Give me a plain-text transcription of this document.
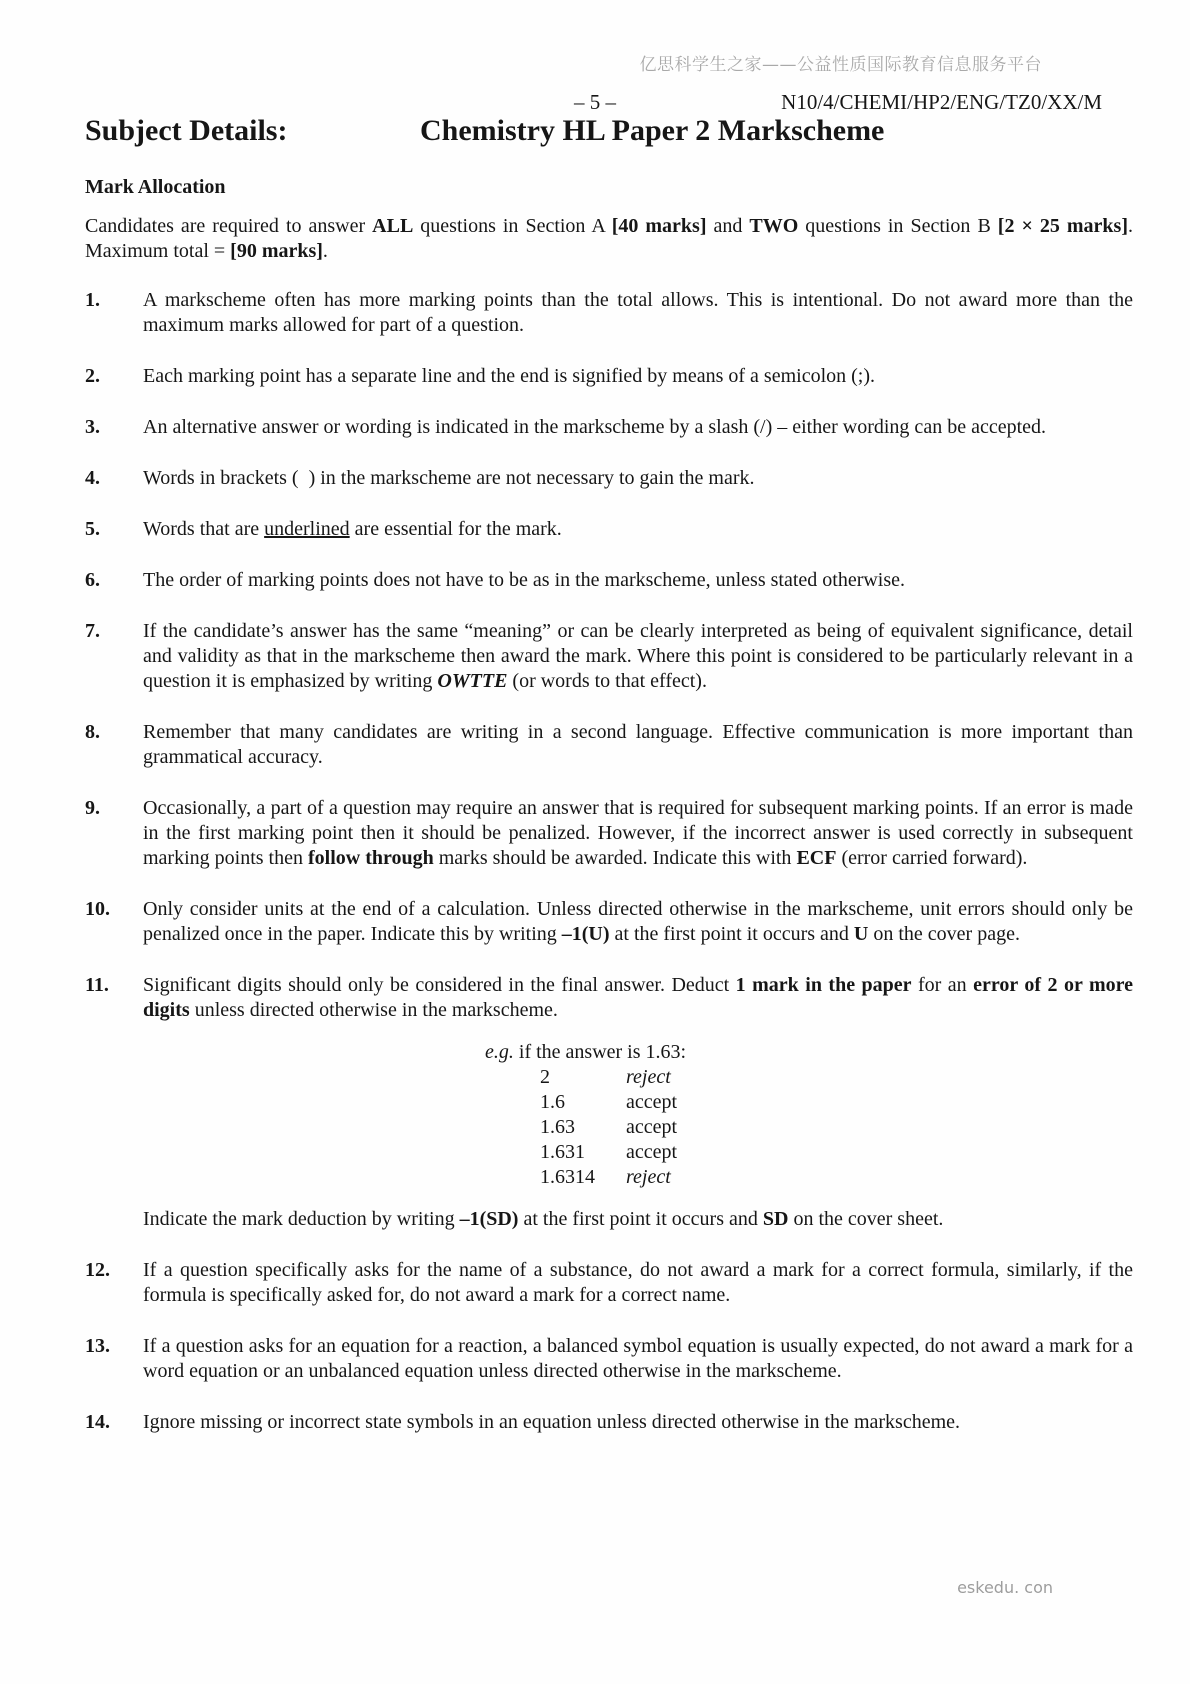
亿思科学生之家——公益性质国际教育信息服务平台
– 5 –	N10/4/CHEMI/HP2/ENG/TZ0/XX/M
Subject Details:	Chemistry HL Paper 2 Markscheme
Mark Allocation

Candidates are required to answer ALL questions in Section A [40 marks] and TWO questions in Section B [2 × 25 marks]. Maximum total = [90 marks].

1.	A markscheme often has more marking points than the total allows. This is intentional. Do not award more than the maximum marks allowed for part of a question.
2.	Each marking point has a separate line and the end is signified by means of a semicolon (;).
3.	An alternative answer or wording is indicated in the markscheme by a slash (/) – either wording can be accepted.
4.	Words in brackets (  ) in the markscheme are not necessary to gain the mark.
5.	Words that are underlined are essential for the mark.
6.	The order of marking points does not have to be as in the markscheme, unless stated otherwise.
7.	If the candidate’s answer has the same “meaning” or can be clearly interpreted as being of equivalent significance, detail and validity as that in the markscheme then award the mark. Where this point is considered to be particularly relevant in a question it is emphasized by writing OWTTE (or words to that effect).
8.	Remember that many candidates are writing in a second language. Effective communication is more important than grammatical accuracy.
9.	Occasionally, a part of a question may require an answer that is required for subsequent marking points. If an error is made in the first marking point then it should be penalized. However, if the incorrect answer is used correctly in subsequent marking points then follow through marks should be awarded. Indicate this with ECF (error carried forward).
10.	Only consider units at the end of a calculation. Unless directed otherwise in the markscheme, unit errors should only be penalized once in the paper. Indicate this by writing –1(U) at the first point it occurs and U on the cover page.
11.	Significant digits should only be considered in the final answer. Deduct 1 mark in the paper for an error of 2 or more digits unless directed otherwise in the markscheme.
e.g. if the answer is 1.63:
2	reject
1.6	accept
1.63	accept
1.631	accept
1.6314	reject
Indicate the mark deduction by writing –1(SD) at the first point it occurs and SD on the cover sheet.
12.	If a question specifically asks for the name of a substance, do not award a mark for a correct formula, similarly, if the formula is specifically asked for, do not award a mark for a correct name.
13.	If a question asks for an equation for a reaction, a balanced symbol equation is usually expected, do not award a mark for a word equation or an unbalanced equation unless directed otherwise in the markscheme.
14.	Ignore missing or incorrect state symbols in an equation unless directed otherwise in the markscheme.
eskedu. con
